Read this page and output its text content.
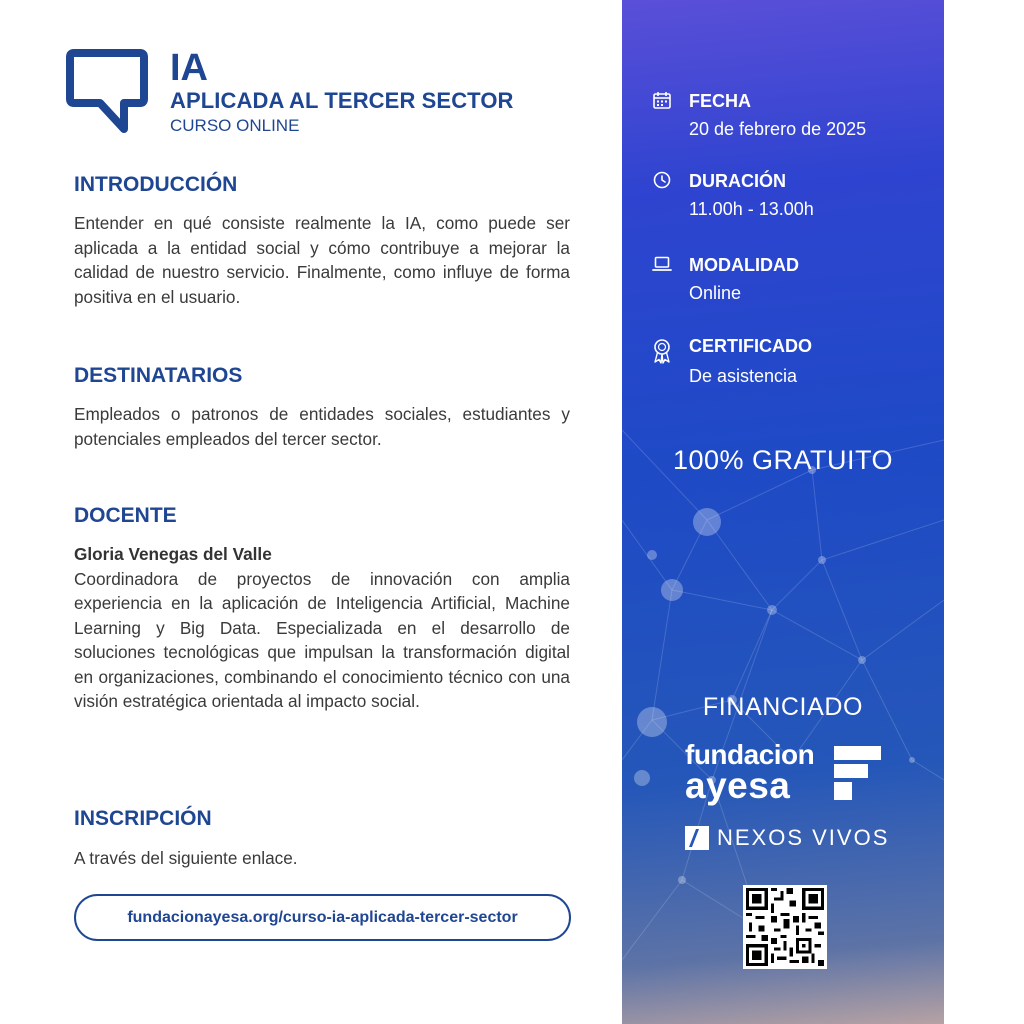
IA
APLICADA AL TERCER SECTOR
CURSO ONLINE
INTRODUCCIÓN
Entender en qué consiste realmente la IA, como puede ser aplicada a la entidad social y cómo contribuye a mejorar la calidad de nuestro servicio. Finalmente, como influye de forma positiva en el usuario.
DESTINATARIOS
Empleados o patronos de entidades sociales, estudiantes y potenciales empleados del tercer sector.
DOCENTE
Gloria Venegas del Valle
Coordinadora de proyectos de innovación con amplia experiencia en la aplicación de Inteligencia Artificial, Machine Learning y Big Data. Especializada en el desarrollo de soluciones tecnológicas que impulsan la transformación digital en organizaciones, combinando el conocimiento técnico con una visión estratégica orientada al impacto social.
INSCRIPCIÓN
A través del siguiente enlace.
fundacionayesa.org/curso-ia-aplicada-tercer-sector
FECHA
20 de febrero de 2025
DURACIÓN
11.00h - 13.00h
MODALIDAD
Online
CERTIFICADO
De asistencia
100% GRATUITO
FINANCIADO
fundacion
ayesa
NEXOS VIVOS
